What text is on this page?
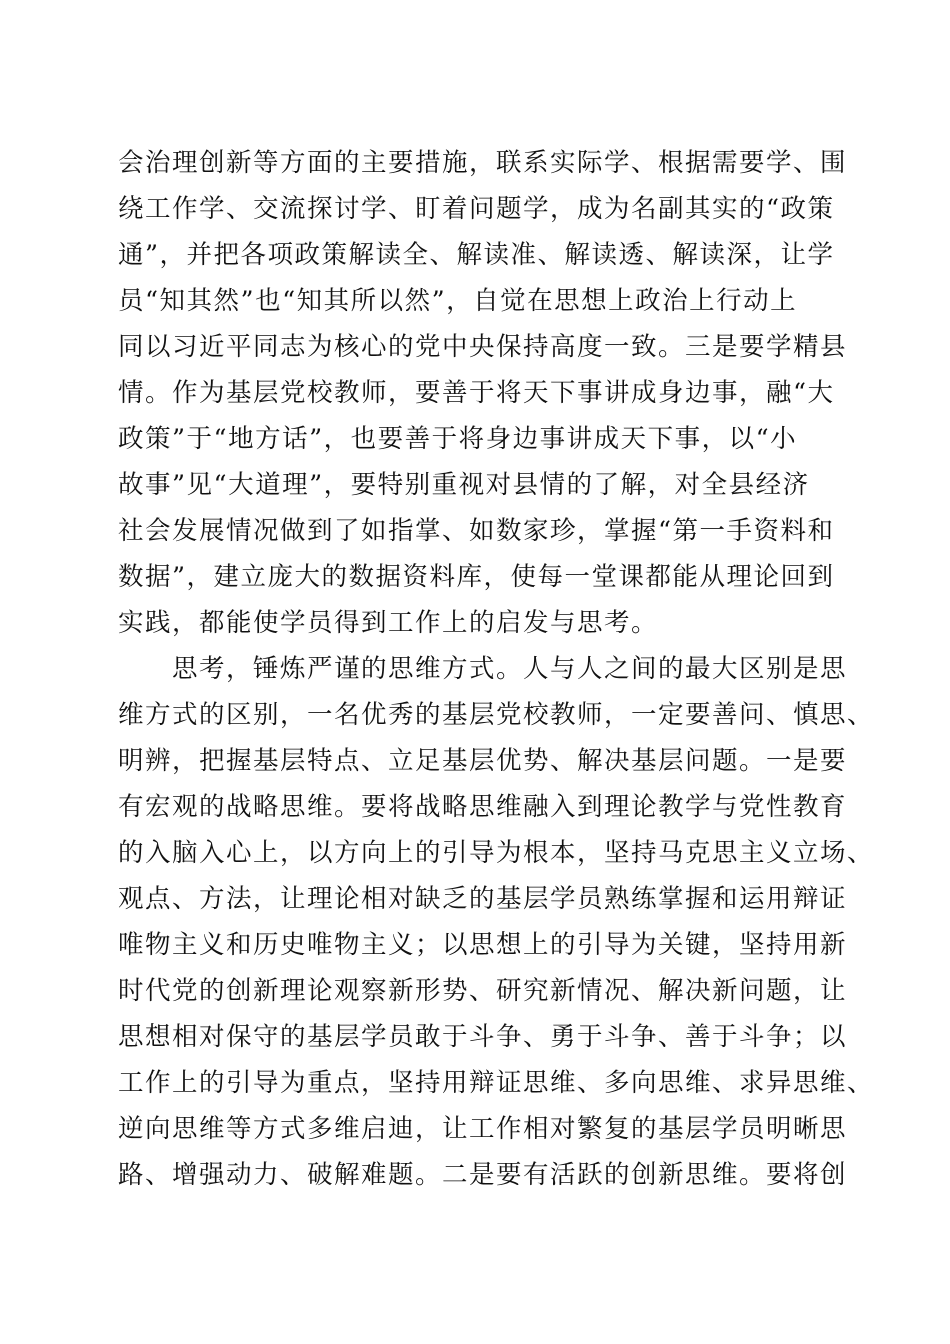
会治理创新等方面的主要措施，联系实际学、根据需要学、围
绕工作学、交流探讨学、盯着问题学，成为名副其实的“政策
通”，并把各项政策解读全、解读准、解读透、解读深，让学
员“知其然”也“知其所以然”，自觉在思想上政治上行动上
同以习近平同志为核心的党中央保持高度一致。三是要学精县
情。作为基层党校教师，要善于将天下事讲成身边事，融“大
政策”于“地方话”，也要善于将身边事讲成天下事，以“小
故事”见“大道理”，要特别重视对县情的了解，对全县经济
社会发展情况做到了如指掌、如数家珍，掌握“第一手资料和
数据”，建立庞大的数据资料库，使每一堂课都能从理论回到
实践，都能使学员得到工作上的启发与思考。
思考，锤炼严谨的思维方式。人与人之间的最大区别是思
维方式的区别，一名优秀的基层党校教师，一定要善问、慎思、
明辨，把握基层特点、立足基层优势、解决基层问题。一是要
有宏观的战略思维。要将战略思维融入到理论教学与党性教育
的入脑入心上，以方向上的引导为根本，坚持马克思主义立场、
观点、方法，让理论相对缺乏的基层学员熟练掌握和运用辩证
唯物主义和历史唯物主义；以思想上的引导为关键，坚持用新
时代党的创新理论观察新形势、研究新情况、解决新问题，让
思想相对保守的基层学员敢于斗争、勇于斗争、善于斗争；以
工作上的引导为重点，坚持用辩证思维、多向思维、求异思维、
逆向思维等方式多维启迪，让工作相对繁复的基层学员明晰思
路、增强动力、破解难题。二是要有活跃的创新思维。要将创
